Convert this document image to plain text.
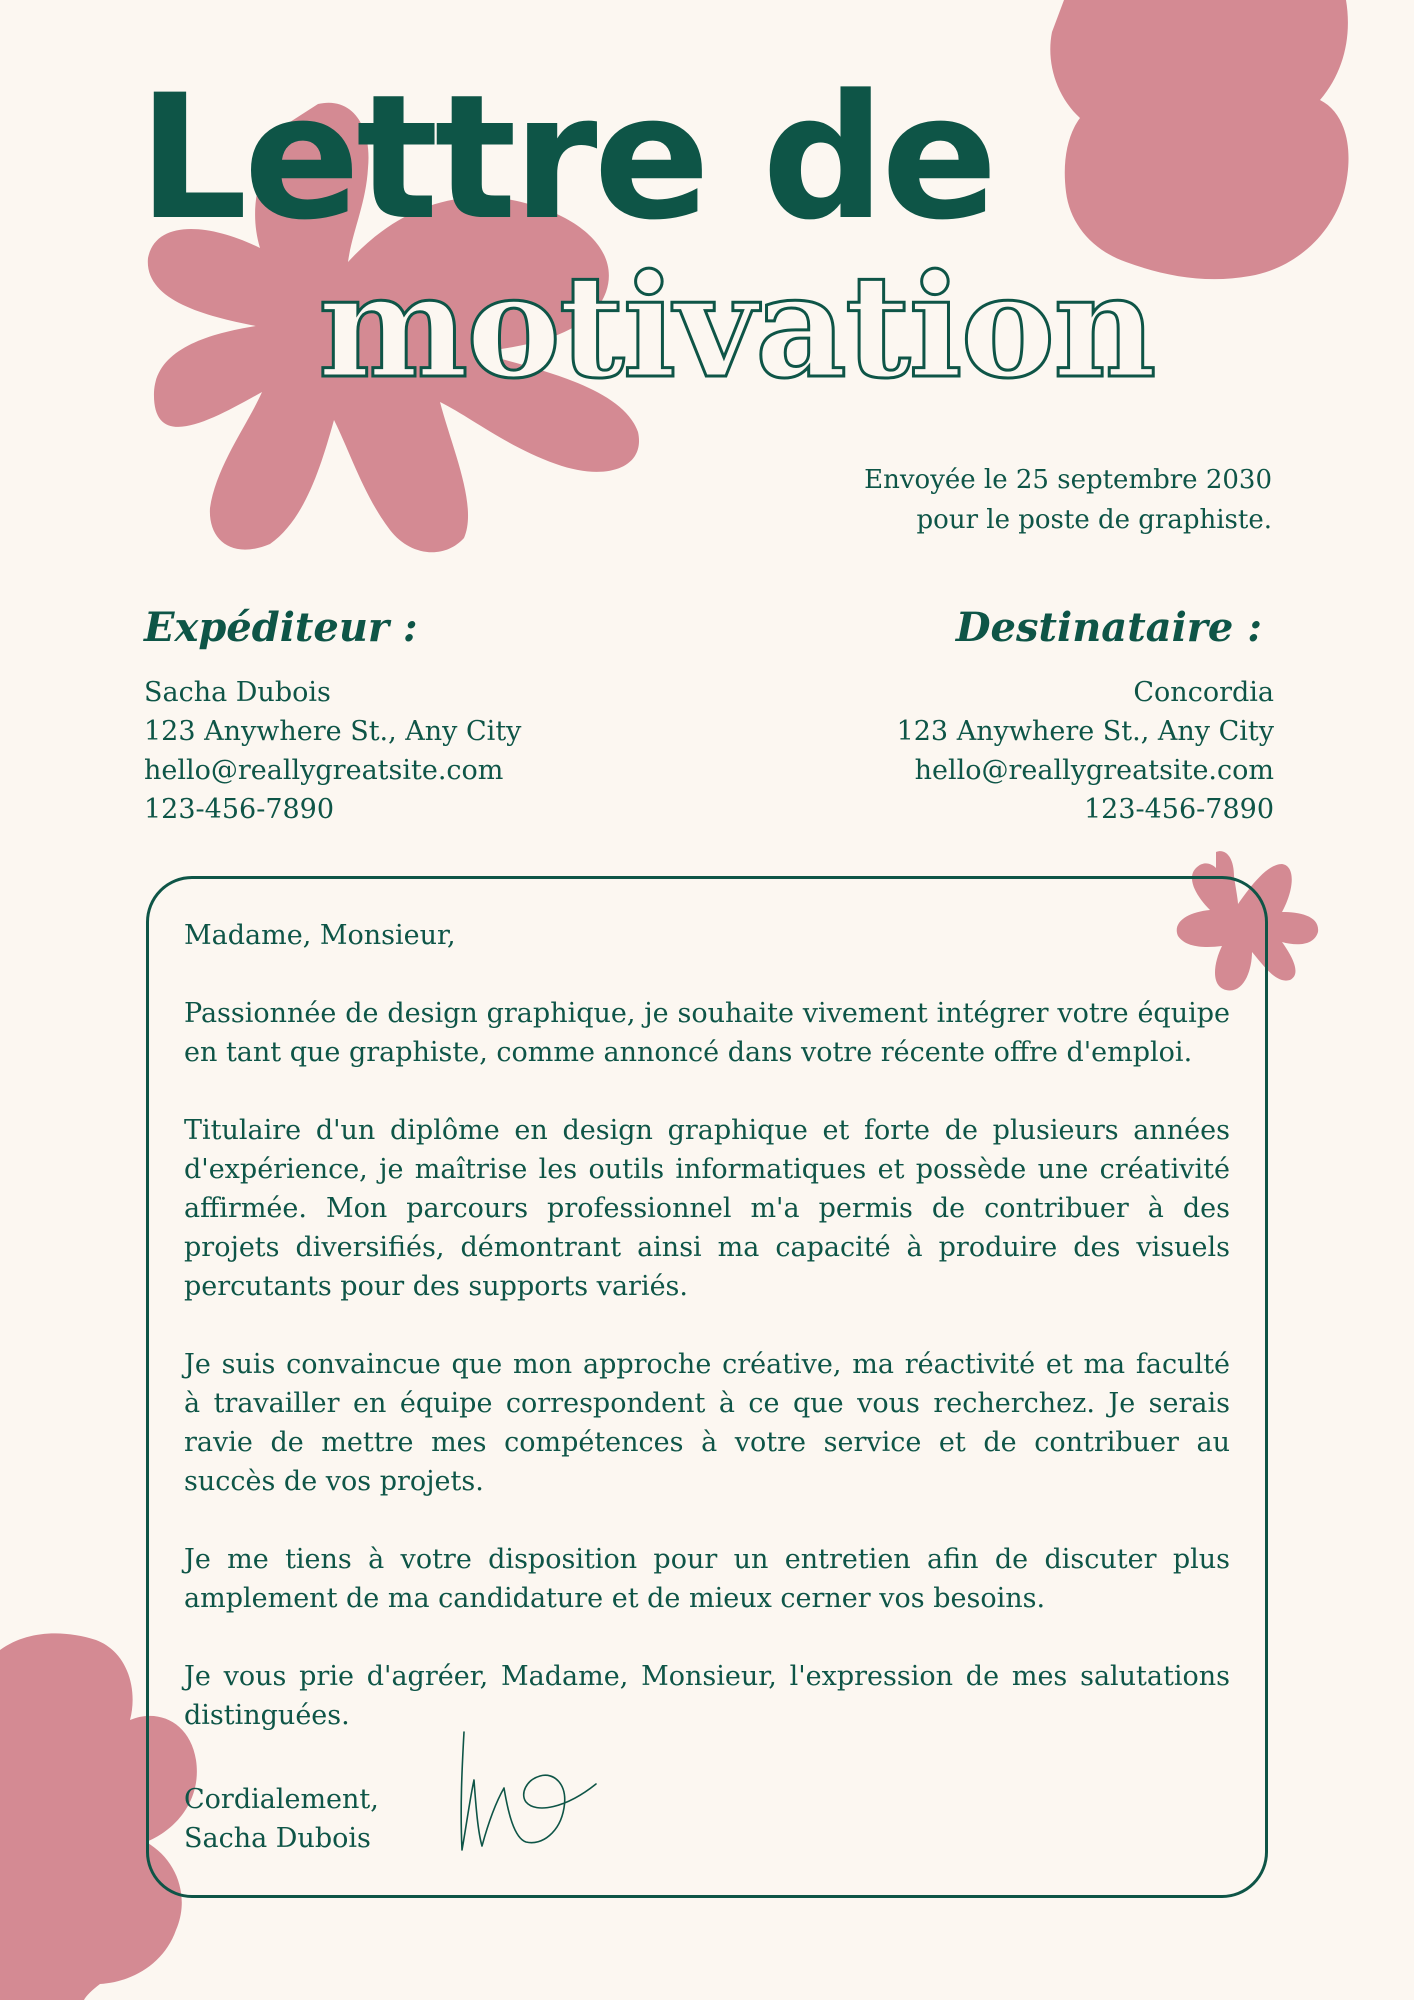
Lettre de
motivation
Envoyée le 25 septembre 2030
pour le poste de graphiste.
Expéditeur :
Sacha Dubois
123 Anywhere St., Any City
hello@reallygreatsite.com
123-456-7890
Destinataire :
Concordia
123 Anywhere St., Any City
hello@reallygreatsite.com
123-456-7890

Madame, Monsieur,

Passionnée de design graphique, je souhaite vivement intégrer votre équipe en tant que graphiste, comme annoncé dans votre récente offre d'emploi.

Titulaire d'un diplôme en design graphique et forte de plusieurs années d'expérience, je maîtrise les outils informatiques et possède une créativité affirmée. Mon parcours professionnel m'a permis de contribuer à des projets diversifiés, démontrant ainsi ma capacité à produire des visuels percutants pour des supports variés.

Je suis convaincue que mon approche créative, ma réactivité et ma faculté à travailler en équipe correspondent à ce que vous recherchez. Je serais ravie de mettre mes compétences à votre service et de contribuer au succès de vos projets.

Je me tiens à votre disposition pour un entretien afin de discuter plus amplement de ma candidature et de mieux cerner vos besoins.

Je vous prie d'agréer, Madame, Monsieur, l'expression de mes salutations distinguées.

Cordialement,
Sacha Dubois
